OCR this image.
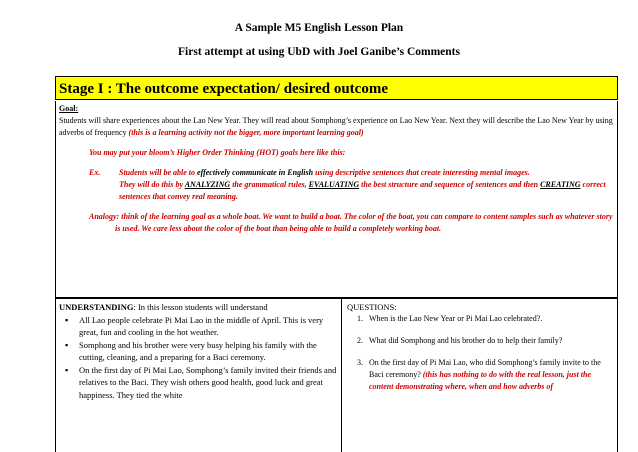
A Sample M5 English Lesson Plan
First attempt at using UbD with Joel Ganibe’s Comments
Stage I : The outcome expectation/ desired outcome
Goal:
Students will share experiences about the Lao New Year. They will read about Somphong’s experience on Lao New Year. Next they will describe the Lao New Year by using adverbs of frequency (this is a learning activity not the bigger, more important learning goal)
You may put your bloom’s Higher Order Thinking (HOT) goals here like this:
Ex. Students will be able to effectively communicate in English using descriptive sentences that create interesting mental images.
They will do this by ANALYZING the grammatical rules, EVALUATING the best structure and sequence of sentences and then CREATING correct sentences that convey real meaning.
Analogy: think of the learning goal as a whole boat. We want to build a boat. The color of the boat, you can compare to content samples such as whatever story is used. We care less about the color of the boat than being able to build a completely working boat.
UNDERSTANDING: In this lesson students will understand
▪ All Lao people celebrate Pi Mai Lao in the middle of April. This is very great, fun and cooling in the hot weather.
▪ Somphong and his brother were very busy helping his family with the cutting, cleaning, and a preparing for a Baci ceremony.
▪ On the first day of Pi Mai Lao, Somphong’s family invited their friends and relatives to the Baci. They wish others good health, good luck and great happiness. They tied the white
QUESTIONS:
1. When is the Lao New Year or Pi Mai Lao celebrated?.
2. What did Somphong and his brother do to help their family?
3. On the first day of Pi Mai Lao, who did Somphong’s family invite to the Baci ceremony? (this has nothing to do with the real lesson, just the content demonstrating where, when and how adverbs of
